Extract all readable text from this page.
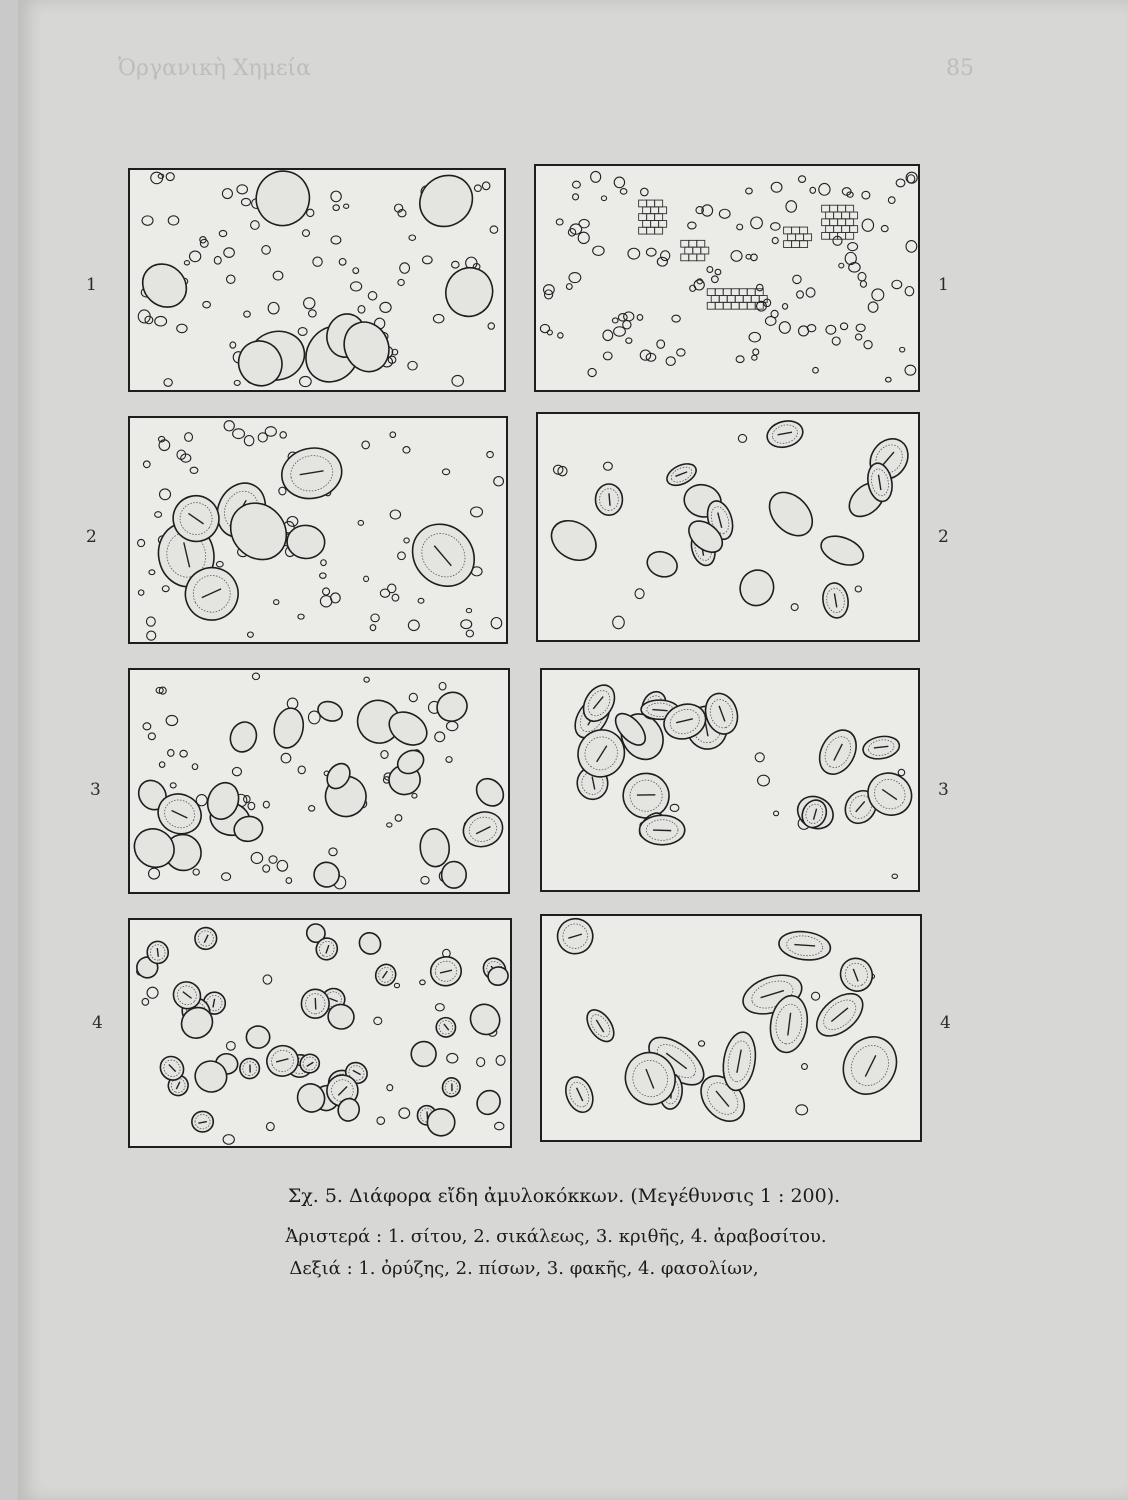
Ὀργανικὴ Χημεία	85
1	1
2	2
3	3
4	4
Σχ. 5. Διάφορα εἴδη ἀμυλοκόκκων. (Μεγέθυνσις 1 : 200).
Ἀριστερά : 1. σίτου, 2. σικάλεως, 3. κριθῆς, 4. ἀραβοσίτου.
Δεξιά : 1. ὀρύζης, 2. πίσων, 3. φακῆς, 4. φασολίων,
